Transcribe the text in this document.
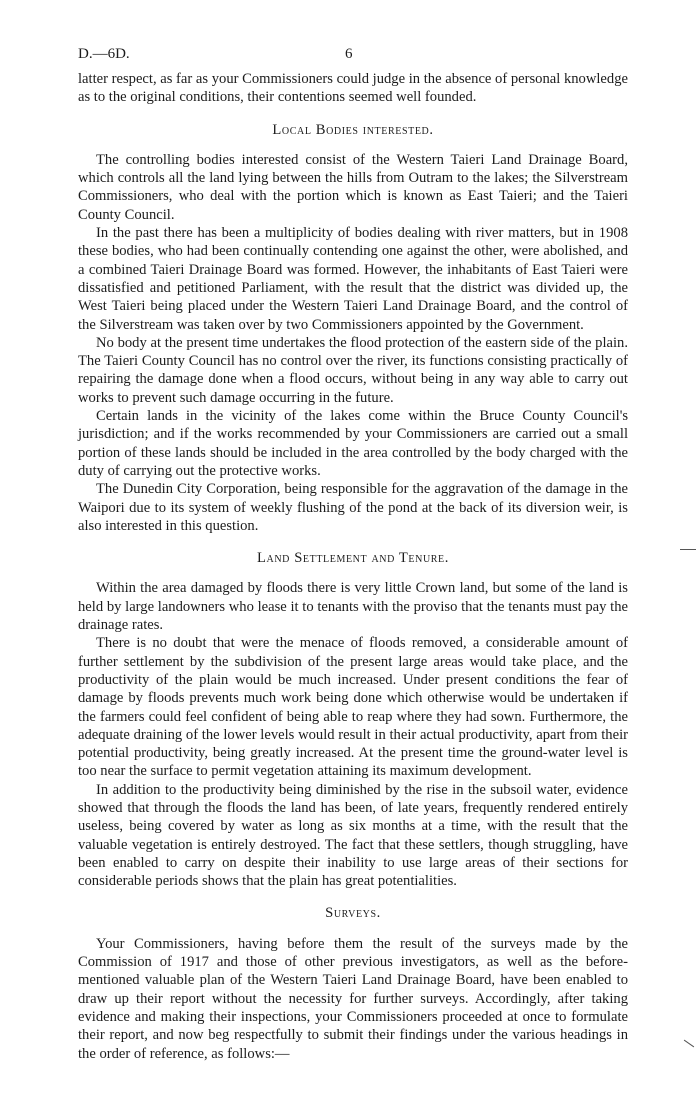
D.—6D.	6

latter respect, as far as your Commissioners could judge in the absence of personal knowledge as to the original conditions, their contentions seemed well founded.

Local Bodies interested.

The controlling bodies interested consist of the Western Taieri Land Drainage Board, which controls all the land lying between the hills from Outram to the lakes; the Silverstream Commissioners, who deal with the portion which is known as East Taieri; and the Taieri County Council.

In the past there has been a multiplicity of bodies dealing with river matters, but in 1908 these bodies, who had been continually contending one against the other, were abolished, and a combined Taieri Drainage Board was formed. However, the inhabitants of East Taieri were dissatisfied and petitioned Parliament, with the result that the district was divided up, the West Taieri being placed under the Western Taieri Land Drainage Board, and the control of the Silverstream was taken over by two Commissioners appointed by the Government.

No body at the present time undertakes the flood protection of the eastern side of the plain. The Taieri County Council has no control over the river, its functions consisting practically of repairing the damage done when a flood occurs, without being in any way able to carry out works to prevent such damage occurring in the future.

Certain lands in the vicinity of the lakes come within the Bruce County Council's jurisdiction; and if the works recommended by your Commissioners are carried out a small portion of these lands should be included in the area controlled by the body charged with the duty of carrying out the protective works.

The Dunedin City Corporation, being responsible for the aggravation of the damage in the Waipori due to its system of weekly flushing of the pond at the back of its diversion weir, is also interested in this question.

Land Settlement and Tenure.

Within the area damaged by floods there is very little Crown land, but some of the land is held by large landowners who lease it to tenants with the proviso that the tenants must pay the drainage rates.

There is no doubt that were the menace of floods removed, a considerable amount of further settlement by the subdivision of the present large areas would take place, and the productivity of the plain would be much increased. Under present conditions the fear of damage by floods prevents much work being done which otherwise would be undertaken if the farmers could feel confident of being able to reap where they had sown. Furthermore, the adequate draining of the lower levels would result in their actual productivity, apart from their potential productivity, being greatly increased. At the present time the ground-water level is too near the surface to permit vegetation attaining its maximum development.

In addition to the productivity being diminished by the rise in the subsoil water, evidence showed that through the floods the land has been, of late years, frequently rendered entirely useless, being covered by water as long as six months at a time, with the result that the valuable vegetation is entirely destroyed. The fact that these settlers, though struggling, have been enabled to carry on despite their inability to use large areas of their sections for considerable periods shows that the plain has great potentialities.

Surveys.

Your Commissioners, having before them the result of the surveys made by the Commission of 1917 and those of other previous investigators, as well as the before-mentioned valuable plan of the Western Taieri Land Drainage Board, have been enabled to draw up their report without the necessity for further surveys. Accordingly, after taking evidence and making their inspections, your Commissioners proceeded at once to formulate their report, and now beg respectfully to submit their findings under the various headings in the order of reference, as follows:—
